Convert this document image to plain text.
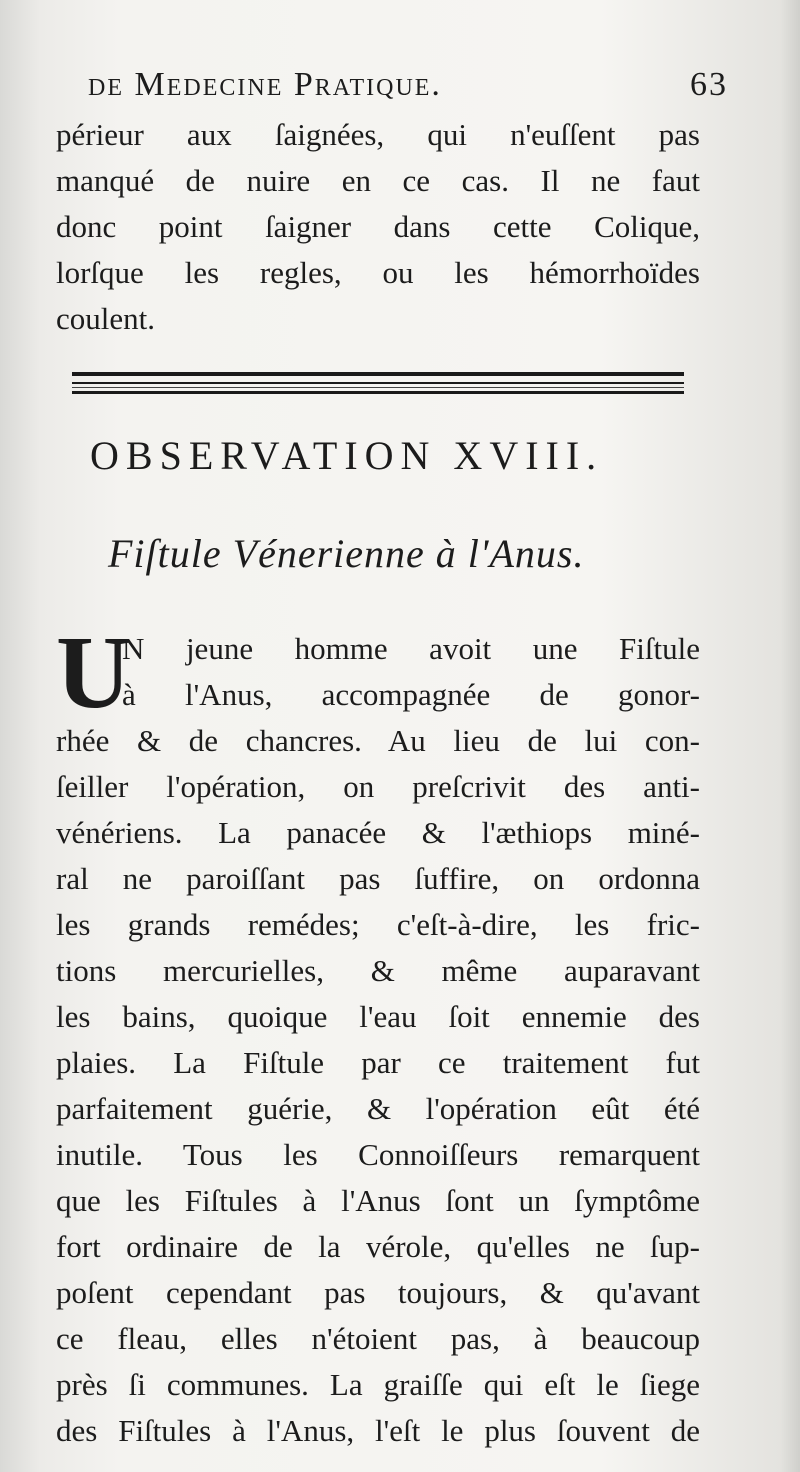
de Medecine Pratique.	63
périeur aux ſaignées, qui n'euſſent pas
manqué de nuire en ce cas. Il ne faut
donc point ſaigner dans cette Colique,
lorſque les regles, ou les hémorrhoïdes
coulent.
OBSERVATION XVIII.
Fiſtule Vénerienne à l'Anus.
U
N jeune homme avoit une Fiſtule
à l'Anus, accompagnée de gonor-
rhée & de chancres. Au lieu de lui con-
ſeiller l'opération, on preſcrivit des anti-
vénériens. La panacée & l'æthiops miné-
ral ne paroiſſant pas ſuffire, on ordonna
les grands remédes; c'eſt-à-dire, les fric-
tions mercurielles, & même auparavant
les bains, quoique l'eau ſoit ennemie des
plaies. La Fiſtule par ce traitement fut
parfaitement guérie, & l'opération eût été
inutile. Tous les Connoiſſeurs remarquent
que les Fiſtules à l'Anus ſont un ſymptôme
fort ordinaire de la vérole, qu'elles ne ſup-
poſent cependant pas toujours, & qu'avant
ce fleau, elles n'étoient pas, à beaucoup
près ſi communes. La graiſſe qui eſt le ſiege
des Fiſtules à l'Anus, l'eſt le plus ſouvent de
